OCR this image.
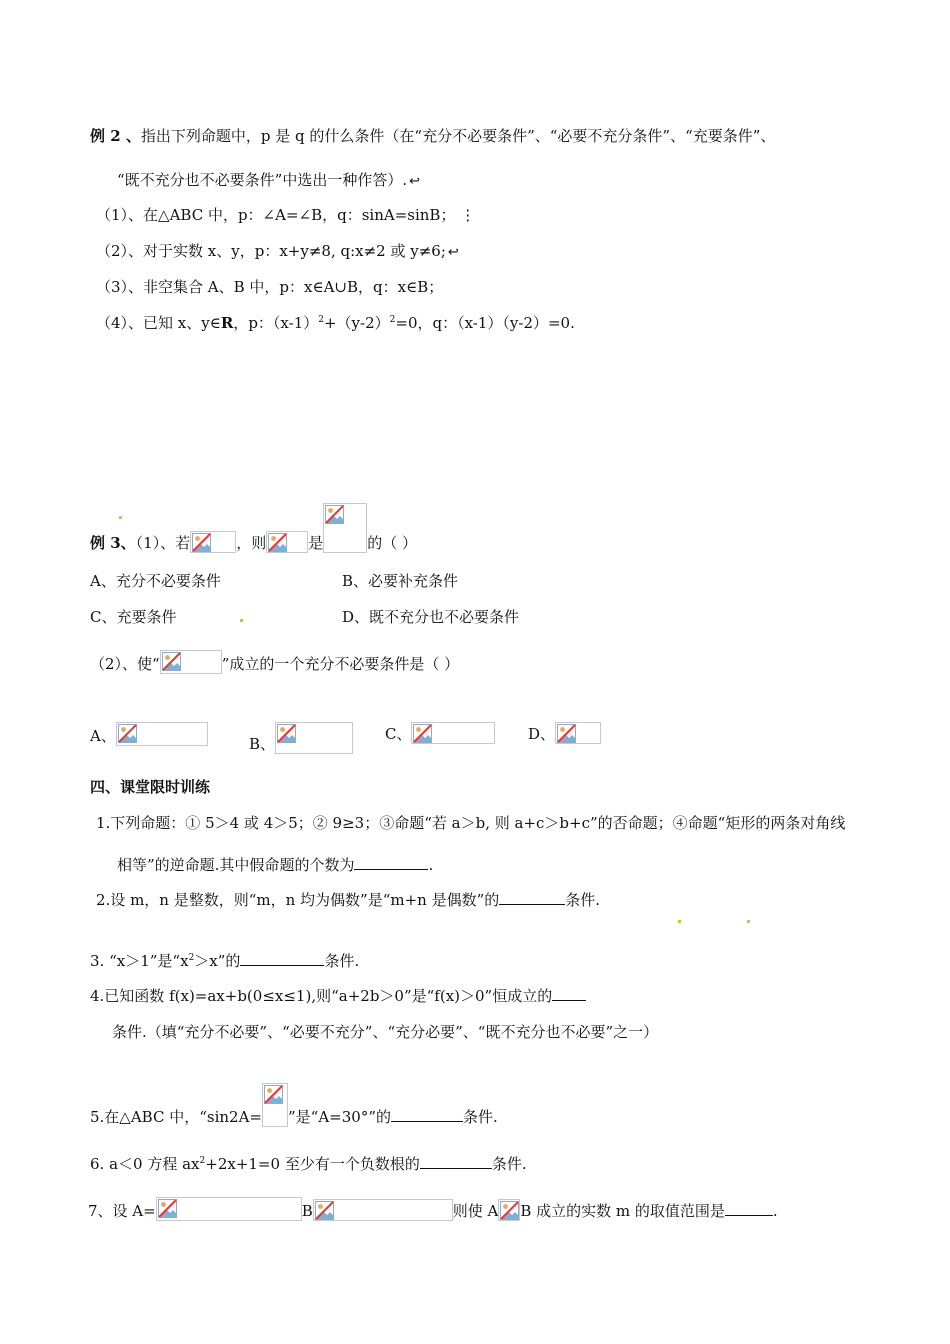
例 2 、指出下列命题中，p 是 q 的什么条件（在“充分不必要条件”、“必要不充分条件”、“充要条件”、
“既不充分也不必要条件”中选出一种作答）. ↩
（1）、在△ABC 中，p：∠A=∠B，q：sinA=sinB； ⋮
（2）、对于实数 x、y，p：x+y≠8, q:x≠2 或 y≠6; ↩
（3）、非空集合 A、B 中，p：x∈A∪B，q：x∈B；
（4）、已知 x、y∈R，p：$(x-1)^2+(y-2)^2=0$，q：（x-1）（y-2）=0.
例 3、（1）、若	，则	是	的（ ）
A、充分不必要条件	B、必要补充条件
C、充要条件	D、既不充分也不必要条件
（2）、使“	”成立的一个充分不必要条件是（ ）
A、	B、
C、	D、
四、课堂限时训练
1.下列命题：① 5＞4 或 4＞5；② 9≥3；③命题“若 a＞b, 则 a+c＞b+c”的否命题；④命题“矩形的两条对角线
相等”的逆命题.其中假命题的个数为	.
2.设 m，n 是整数，则“m，n 均为偶数”是“m+n 是偶数”的	条件.
3. “x＞1”是“$x^2>x$”的	条件.
4.已知函数 f(x)=ax+b(0≤x≤1),则“a+2b＞0”是“f(x)＞0”恒成立的
条件.（填“充分不必要”、“必要不充分”、“充分必要”、“既不充分也不必要”之一）
5.在△ABC 中，“sin2A= ”是“A=30°”的	条件.
6. a＜0 方程 $ax^2+2x+1=0$ 至少有一个负数根的	条件.
7、设 A=	B	则使 A B 成立的实数 m 的取值范围是	.
